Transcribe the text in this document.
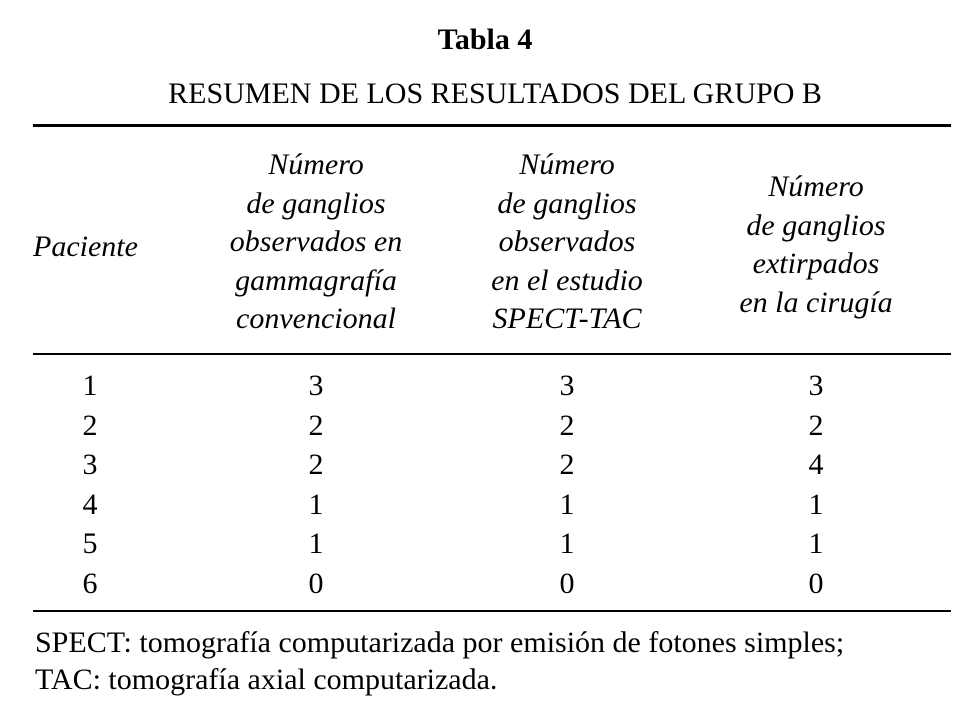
Tabla 4
RESUMEN DE LOS RESULTADOS DEL GRUPO B
Paciente
Número
de ganglios
observados en
gammagrafía
convencional
Número
de ganglios
observados
en el estudio
SPECT-TAC
Número
de ganglios
extirpados
en la cirugía
1
2
3
4
5
6
3
2
2
1
1
0
3
2
2
1
1
0
3
2
4
1
1
0
SPECT: tomografía computarizada por emisión de fotones simples;
TAC: tomografía axial computarizada.
